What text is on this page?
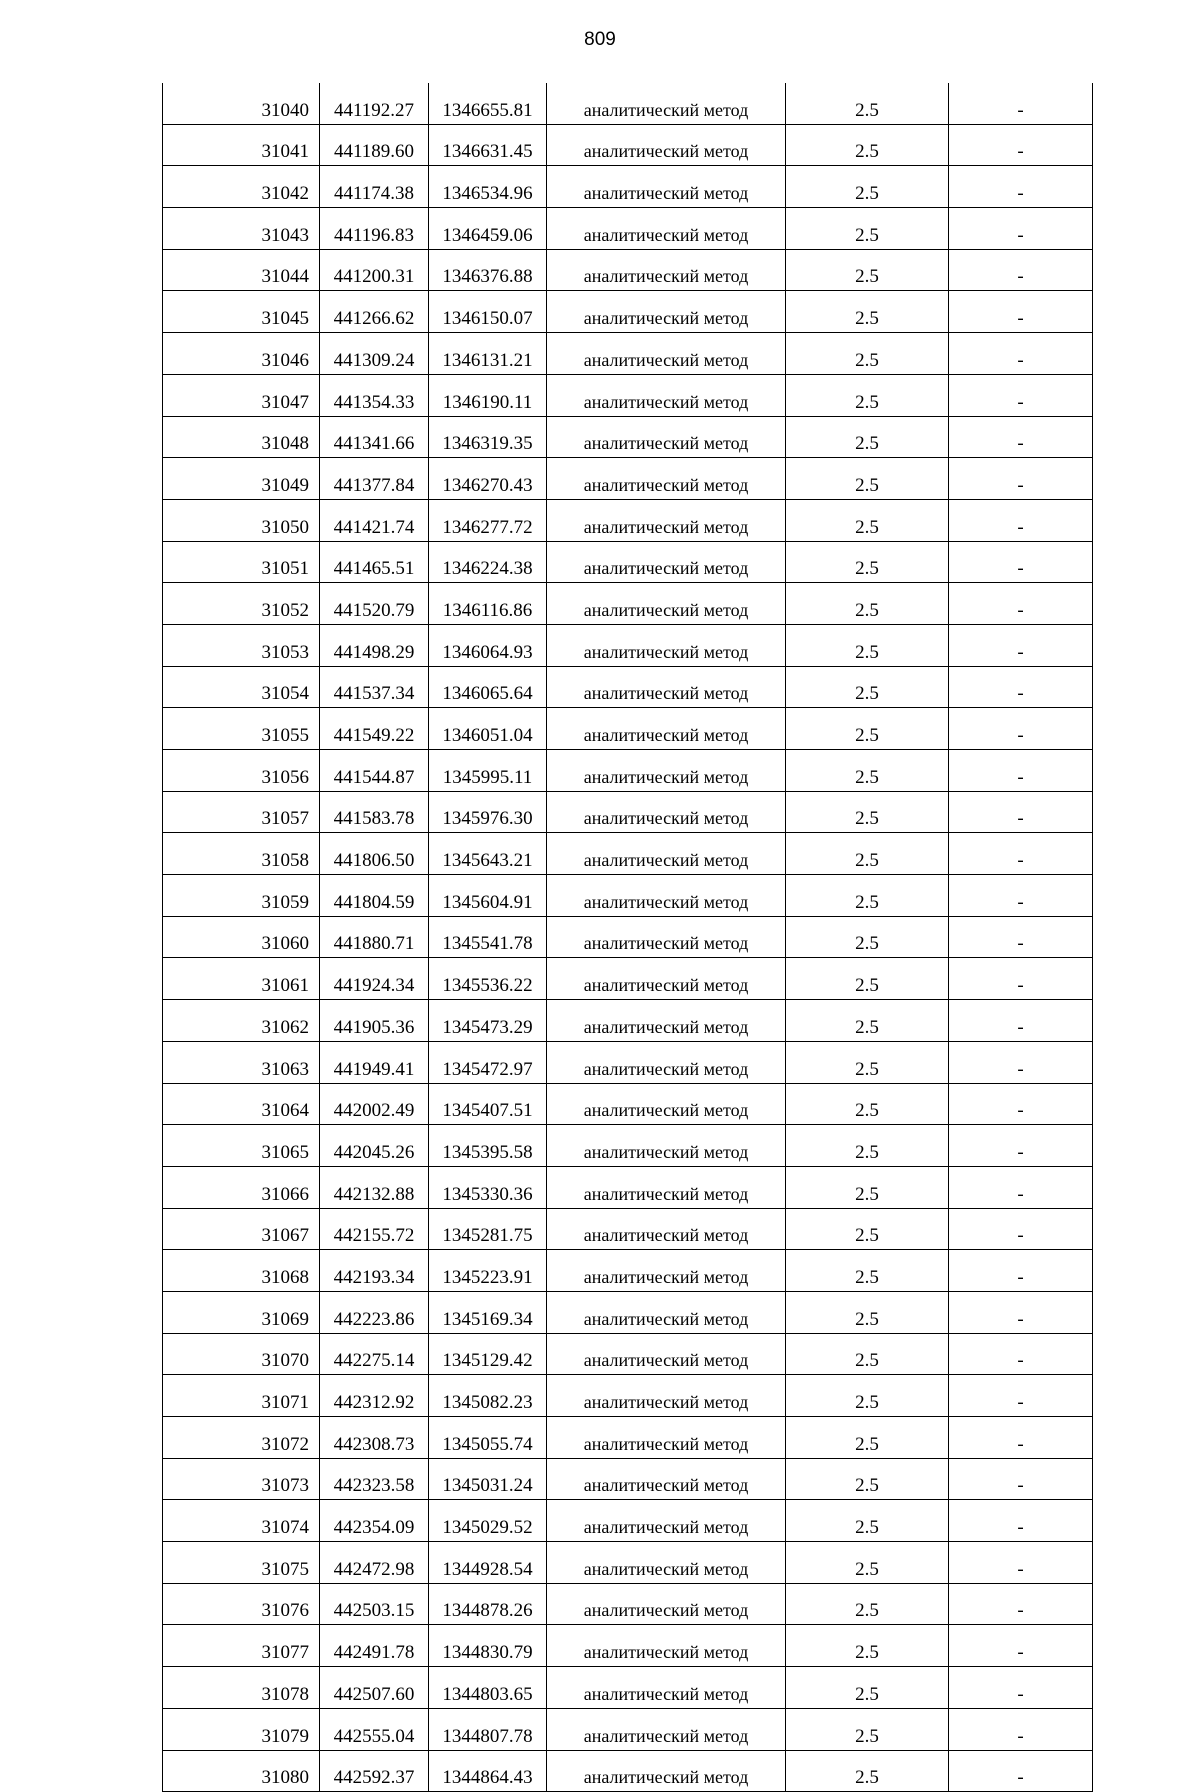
809
31040	441192.27	1346655.81	аналитический метод	2.5	-
31041	441189.60	1346631.45	аналитический метод	2.5	-
31042	441174.38	1346534.96	аналитический метод	2.5	-
31043	441196.83	1346459.06	аналитический метод	2.5	-
31044	441200.31	1346376.88	аналитический метод	2.5	-
31045	441266.62	1346150.07	аналитический метод	2.5	-
31046	441309.24	1346131.21	аналитический метод	2.5	-
31047	441354.33	1346190.11	аналитический метод	2.5	-
31048	441341.66	1346319.35	аналитический метод	2.5	-
31049	441377.84	1346270.43	аналитический метод	2.5	-
31050	441421.74	1346277.72	аналитический метод	2.5	-
31051	441465.51	1346224.38	аналитический метод	2.5	-
31052	441520.79	1346116.86	аналитический метод	2.5	-
31053	441498.29	1346064.93	аналитический метод	2.5	-
31054	441537.34	1346065.64	аналитический метод	2.5	-
31055	441549.22	1346051.04	аналитический метод	2.5	-
31056	441544.87	1345995.11	аналитический метод	2.5	-
31057	441583.78	1345976.30	аналитический метод	2.5	-
31058	441806.50	1345643.21	аналитический метод	2.5	-
31059	441804.59	1345604.91	аналитический метод	2.5	-
31060	441880.71	1345541.78	аналитический метод	2.5	-
31061	441924.34	1345536.22	аналитический метод	2.5	-
31062	441905.36	1345473.29	аналитический метод	2.5	-
31063	441949.41	1345472.97	аналитический метод	2.5	-
31064	442002.49	1345407.51	аналитический метод	2.5	-
31065	442045.26	1345395.58	аналитический метод	2.5	-
31066	442132.88	1345330.36	аналитический метод	2.5	-
31067	442155.72	1345281.75	аналитический метод	2.5	-
31068	442193.34	1345223.91	аналитический метод	2.5	-
31069	442223.86	1345169.34	аналитический метод	2.5	-
31070	442275.14	1345129.42	аналитический метод	2.5	-
31071	442312.92	1345082.23	аналитический метод	2.5	-
31072	442308.73	1345055.74	аналитический метод	2.5	-
31073	442323.58	1345031.24	аналитический метод	2.5	-
31074	442354.09	1345029.52	аналитический метод	2.5	-
31075	442472.98	1344928.54	аналитический метод	2.5	-
31076	442503.15	1344878.26	аналитический метод	2.5	-
31077	442491.78	1344830.79	аналитический метод	2.5	-
31078	442507.60	1344803.65	аналитический метод	2.5	-
31079	442555.04	1344807.78	аналитический метод	2.5	-
31080	442592.37	1344864.43	аналитический метод	2.5	-
